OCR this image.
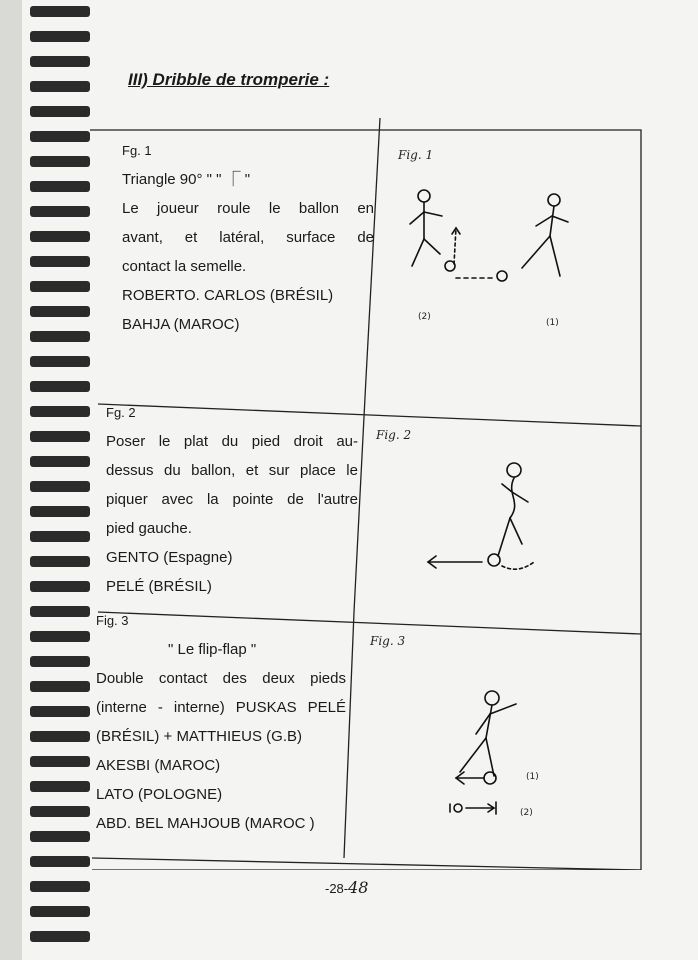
III) Dribble de tromperie :
Fg. 1
Triangle 90° " " ⎾ "
Le joueur roule le ballon en
avant, et latéral, surface de
contact la semelle.
ROBERTO. CARLOS (BRÉSIL)
BAHJA (MAROC)
Fg. 2
Poser le plat du pied droit au-
dessus du ballon, et sur place le
piquer avec la pointe de l'autre
pied gauche.
GENTO (Espagne)
PELÉ (BRÉSIL)
Fig. 3
" Le flip-flap "
Double contact des deux pieds
(interne - interne) PUSKAS PELÉ
(BRÉSIL) + MATTHIEUS (G.B)
AKESBI (MAROC)
LATO (POLOGNE)
ABD. BEL MAHJOUB (MAROC )
Fig. 1
(2)
(1)
Fig. 2
Fig. 3
(1)
(2)
-28-48
